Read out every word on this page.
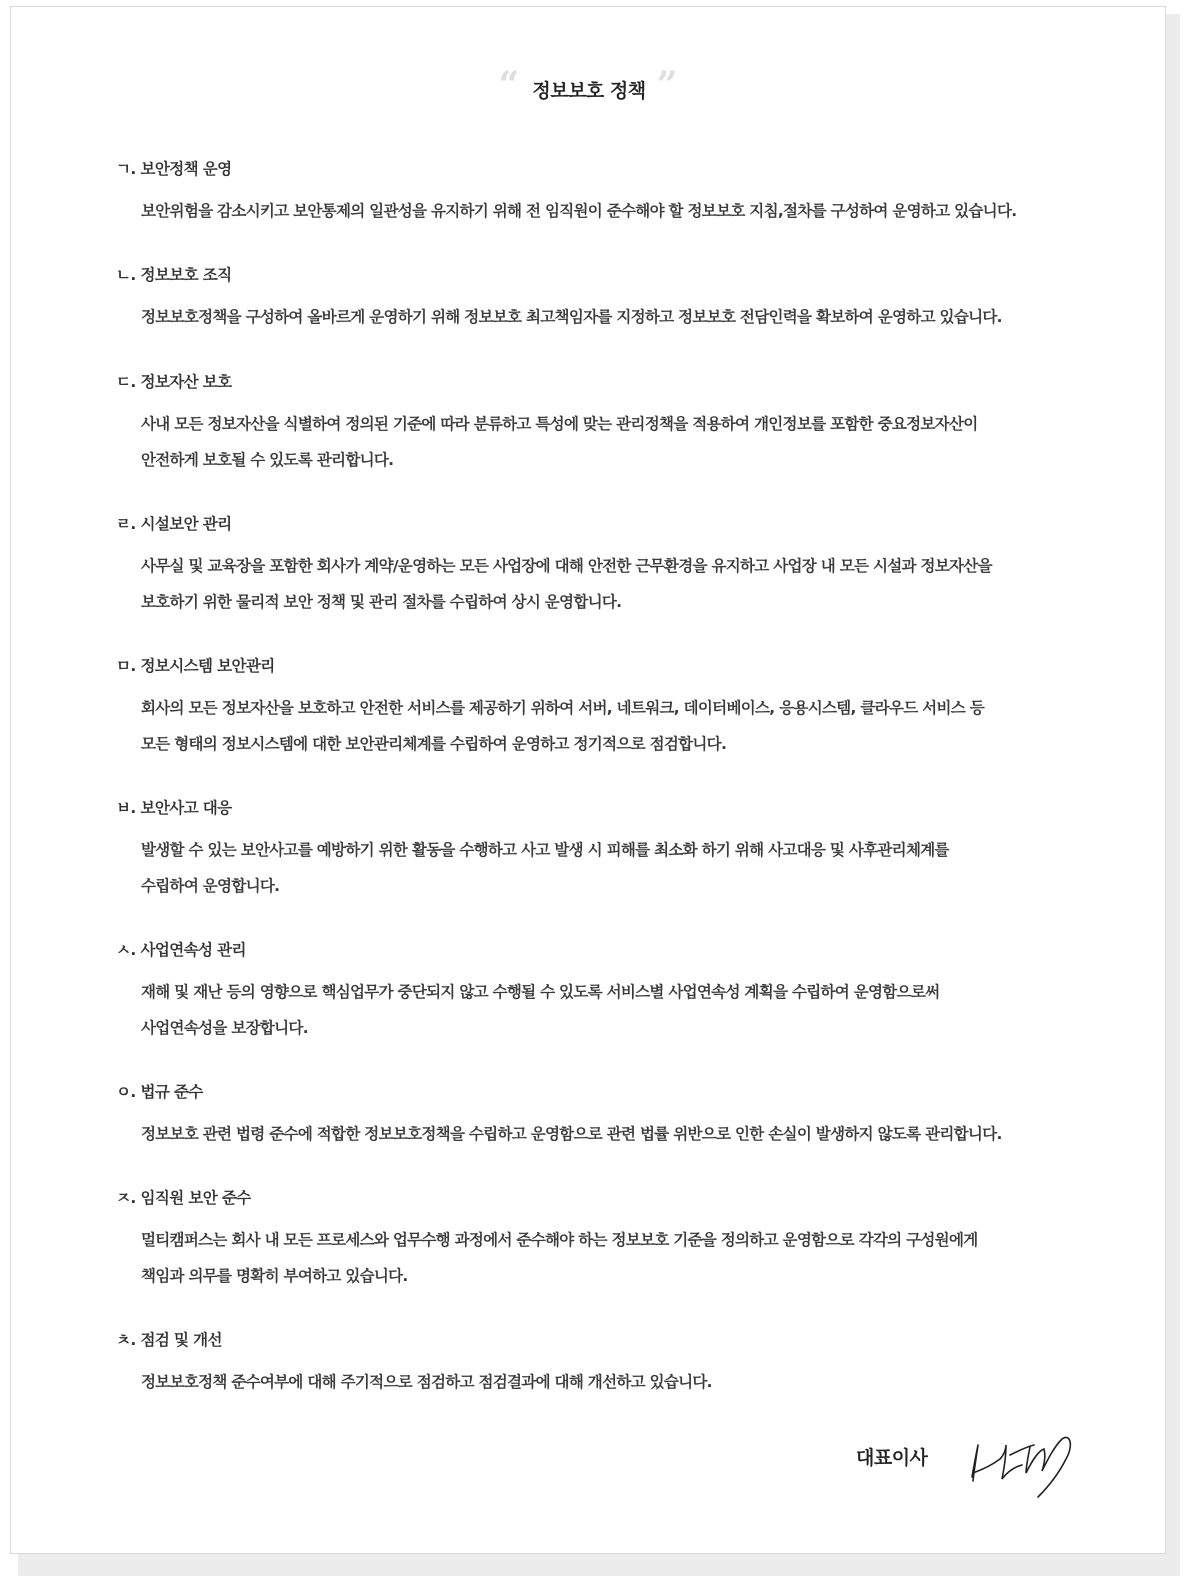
“ 정보보호 정책 ”
ㄱ. 보안정책 운영
보안위험을 감소시키고 보안통제의 일관성을 유지하기 위해 전 임직원이 준수해야 할 정보보호 지침,절차를 구성하여 운영하고 있습니다.
ㄴ. 정보보호 조직
정보보호정책을 구성하여 올바르게 운영하기 위해 정보보호 최고책임자를 지정하고 정보보호 전담인력을 확보하여 운영하고 있습니다.
ㄷ. 정보자산 보호
사내 모든 정보자산을 식별하여 정의된 기준에 따라 분류하고 특성에 맞는 관리정책을 적용하여 개인정보를 포함한 중요정보자산이
안전하게 보호될 수 있도록 관리합니다.
ㄹ. 시설보안 관리
사무실 및 교육장을 포함한 회사가 계약/운영하는 모든 사업장에 대해 안전한 근무환경을 유지하고 사업장 내 모든 시설과 정보자산을
보호하기 위한 물리적 보안 정책 및 관리 절차를 수립하여 상시 운영합니다.
ㅁ. 정보시스템 보안관리
회사의 모든 정보자산을 보호하고 안전한 서비스를 제공하기 위하여 서버, 네트워크, 데이터베이스, 응용시스템, 클라우드 서비스 등
모든 형태의 정보시스템에 대한 보안관리체계를 수립하여 운영하고 정기적으로 점검합니다.
ㅂ. 보안사고 대응
발생할 수 있는 보안사고를 예방하기 위한 활동을 수행하고 사고 발생 시 피해를 최소화 하기 위해 사고대응 및 사후관리체계를
수립하여 운영합니다.
ㅅ. 사업연속성 관리
재해 및 재난 등의 영향으로 핵심업무가 중단되지 않고 수행될 수 있도록 서비스별 사업연속성 계획을 수립하여 운영함으로써
사업연속성을 보장합니다.
ㅇ. 법규 준수
정보보호 관련 법령 준수에 적합한 정보보호정책을 수립하고 운영함으로 관련 법률 위반으로 인한 손실이 발생하지 않도록 관리합니다.
ㅈ. 임직원 보안 준수
멀티캠퍼스는 회사 내 모든 프로세스와 업무수행 과정에서 준수해야 하는 정보보호 기준을 정의하고 운영함으로 각각의 구성원에게
책임과 의무를 명확히 부여하고 있습니다.
ㅊ. 점검 및 개선
정보보호정책 준수여부에 대해 주기적으로 점검하고 점검결과에 대해 개선하고 있습니다.
대표이사
